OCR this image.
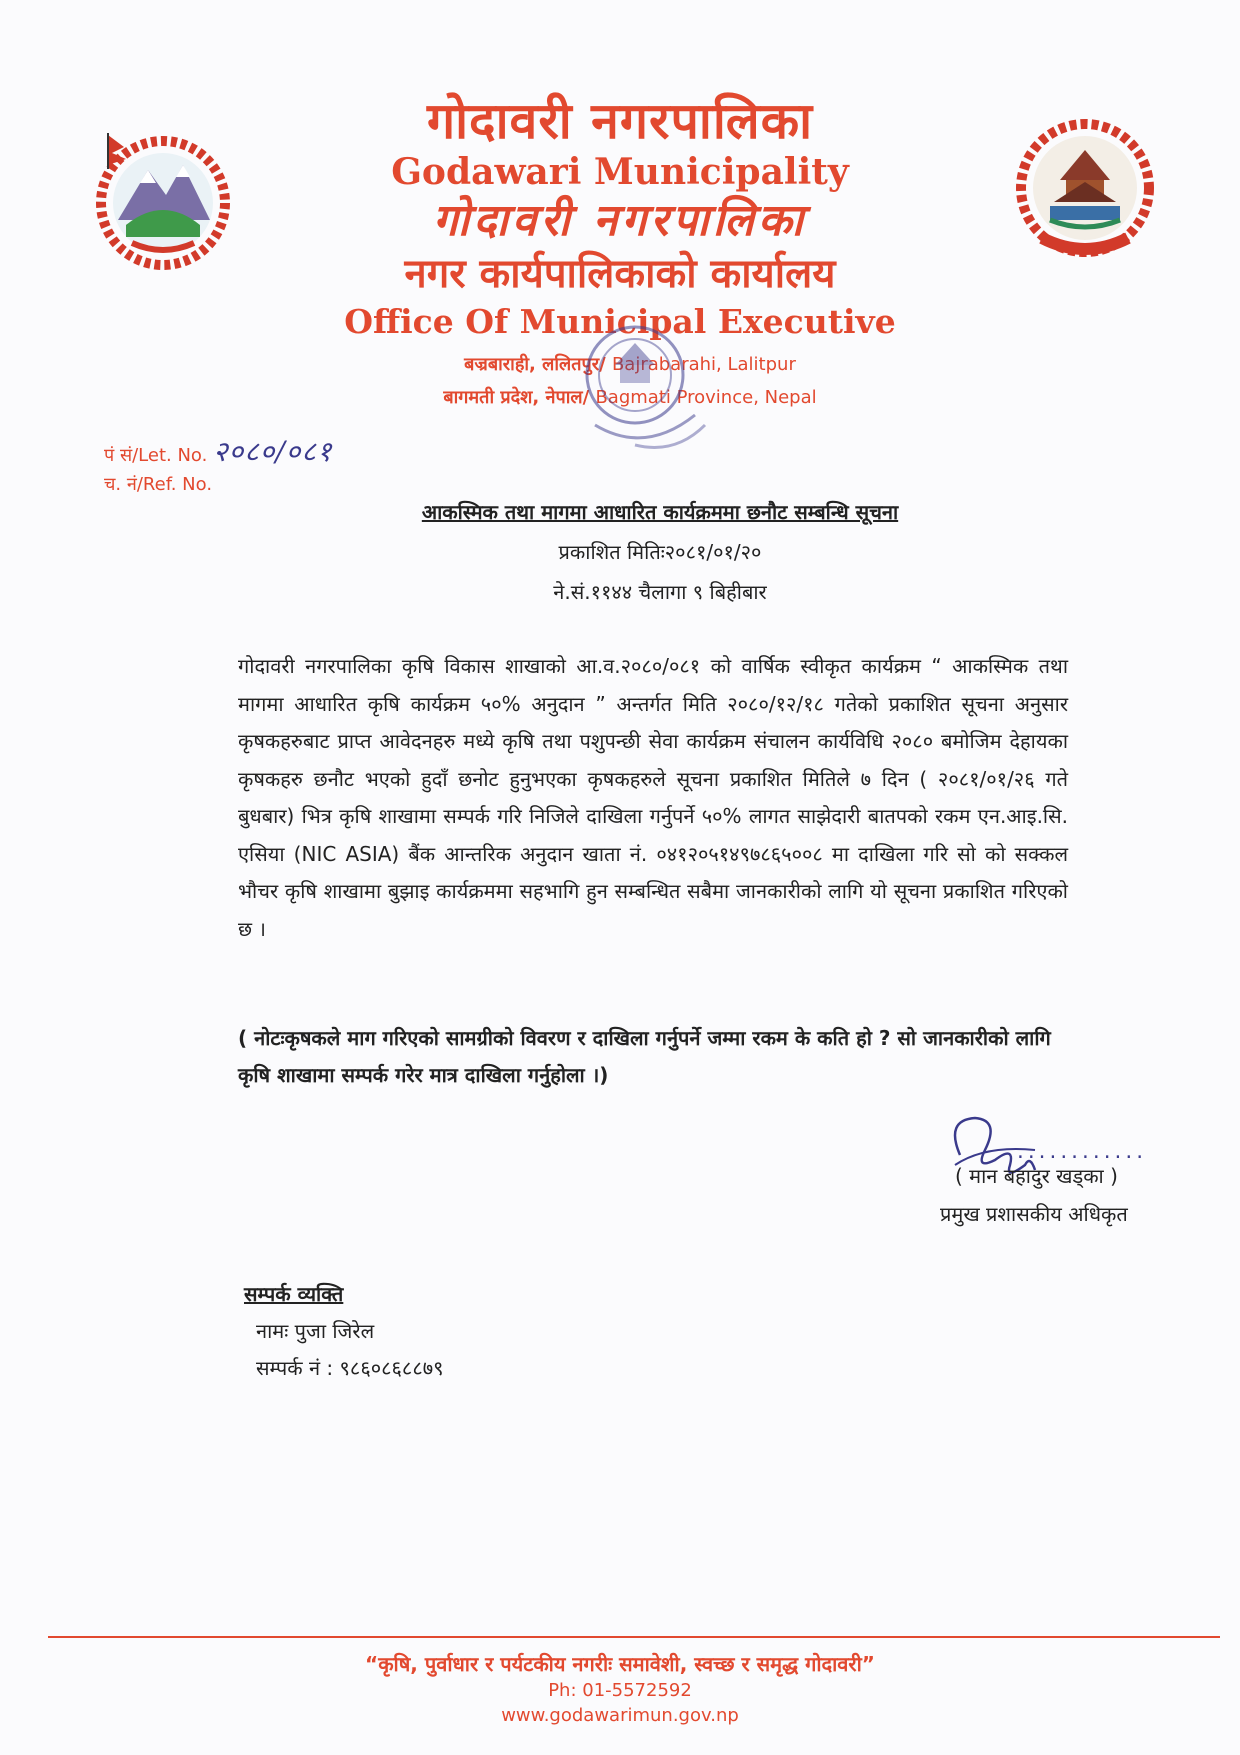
गोदावरी नगरपालिका
Godawari Municipality
गोदावरी नगरपालिका
नगर कार्यपालिकाको कार्यालय
Office Of Municipal Executive
बज्रबाराही, ललितपुर/ Bajrabarahi, Lalitpur
बागमती प्रदेश, नेपाल/ Bagmati Province, Nepal
पं सं/Let. No. २०८०/०८१
च. नं/Ref. No.
आकस्मिक तथा मागमा आधारित कार्यक्रममा छनौट सम्बन्धि सूचना
प्रकाशित मितिः२०८१/०१/२०
ने.सं.११४४ चैलागा ९ बिहीबार
गोदावरी नगरपालिका कृषि विकास शाखाको आ.व.२०८०/०८१ को वार्षिक स्वीकृत कार्यक्रम “ आकस्मिक तथा मागमा आधारित कृषि कार्यक्रम ५०% अनुदान ” अन्तर्गत मिति २०८०/१२/१८ गतेको प्रकाशित सूचना अनुसार कृषकहरुबाट प्राप्त आवेदनहरु मध्ये कृषि तथा पशुपन्छी सेवा कार्यक्रम संचालन कार्यविधि २०८० बमोजिम देहायका कृषकहरु छनौट भएको हुदाँ छनोट हुनुभएका कृषकहरुले सूचना प्रकाशित मितिले ७ दिन ( २०८१/०१/२६ गते बुधबार) भित्र कृषि शाखामा सम्पर्क गरि निजिले दाखिला गर्नुपर्ने ५०% लागत साझेदारी बातपको रकम एन.आइ.सि. एसिया (NIC ASIA) बैंक आन्तरिक अनुदान खाता नं. ०४१२०५१४९७८६५००८ मा दाखिला गरि सो को सक्कल भौचर कृषि शाखामा बुझाइ कार्यक्रममा सहभागि हुन सम्बन्धित सबैमा जानकारीको लागि यो सूचना प्रकाशित गरिएको छ ।
( नोटःकृषकले माग गरिएको सामग्रीको विवरण र दाखिला गर्नुपर्ने जम्मा रकम के कति हो ? सो जानकारीको लागि कृषि शाखामा सम्पर्क गरेर मात्र दाखिला गर्नुहोला ।)
............
( मान बहादुर खड्का )
प्रमुख प्रशासकीय अधिकृत
सम्पर्क व्यक्ति
नामः पुजा जिरेल
सम्पर्क नं : ९८६०८६८८७९
“कृषि, पुर्वाधार र पर्यटकीय नगरीः समावेशी, स्वच्छ र समृद्ध गोदावरी”
Ph: 01-5572592
www.godawarimun.gov.np
